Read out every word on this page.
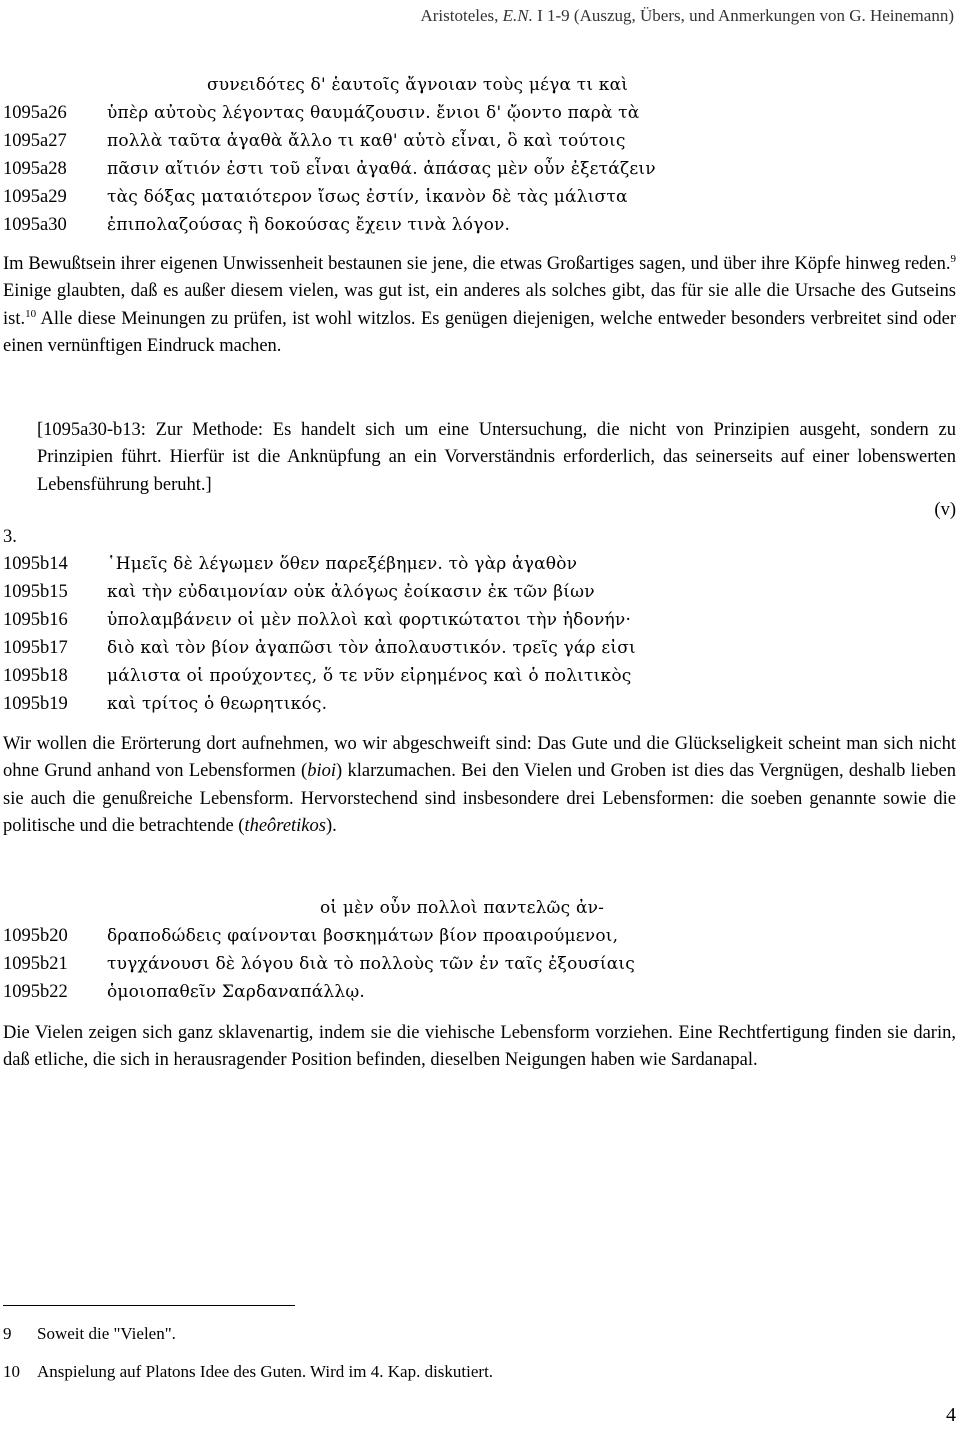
Aristoteles, E.N. I 1-9 (Auszug, Übers, und Anmerkungen von G. Heinemann)
συνειδότες δ' ἑαυτοῖς ἄγνοιαν τοὺς μέγα τι καὶ
1095a26	ὑπὲρ αὐτοὺς λέγοντας θαυμάζουσιν. ἔνιοι δ' ᾤοντο παρὰ τὰ
1095a27	πολλὰ ταῦτα ἀγαθὰ ἄλλο τι καθ' αὑτὸ εἶναι, ὃ καὶ τούτοις
1095a28	πᾶσιν αἴτιόν ἐστι τοῦ εἶναι ἀγαθά. ἁπάσας μὲν οὖν ἐξετάζειν
1095a29	τὰς δόξας ματαιότερον ἴσως ἐστίν, ἱκανὸν δὲ τὰς μάλιστα
1095a30	ἐπιπολαζούσας ἢ δοκούσας ἔχειν τινὰ λόγον.
Im Bewußtsein ihrer eigenen Unwissenheit bestaunen sie jene, die etwas Großartiges sagen, und über ihre Köpfe hinweg reden.$^9$ Einige glaubten, daß es außer diesem vielen, was gut ist, ein anderes als solches gibt, das für sie alle die Ursache des Gutseins ist.$^{10}$ Alle diese Meinungen zu prüfen, ist wohl witzlos. Es genügen diejenigen, welche entweder besonders verbreitet sind oder einen vernünftigen Eindruck machen.
[1095a30-b13: Zur Methode: Es handelt sich um eine Untersuchung, die nicht von Prinzipien ausgeht, sondern zu Prinzipien führt. Hierfür ist die Anknüpfung an ein Vorverständnis erforderlich, das seinerseits auf einer lobenswerten Lebensführung beruht.]
(v)
3.
1095b14	῾Ημεῖς δὲ λέγωμεν ὅθεν παρεξέβημεν. τὸ γὰρ ἀγαθὸν
1095b15	καὶ τὴν εὐδαιμονίαν οὐκ ἀλόγως ἐοίκασιν ἐκ τῶν βίων
1095b16	ὑπολαμβάνειν οἱ μὲν πολλοὶ καὶ φορτικώτατοι τὴν ἡδονήν·
1095b17	διὸ καὶ τὸν βίον ἀγαπῶσι τὸν ἀπολαυστικόν. τρεῖς γάρ εἰσι
1095b18	μάλιστα οἱ προύχοντες, ὅ τε νῦν εἰρημένος καὶ ὁ πολιτικὸς
1095b19	καὶ τρίτος ὁ θεωρητικός.
Wir wollen die Erörterung dort aufnehmen, wo wir abgeschweift sind: Das Gute und die Glückseligkeit scheint man sich nicht ohne Grund anhand von Lebensformen (bioi) klarzumachen. Bei den Vielen und Groben ist dies das Vergnügen, deshalb lieben sie auch die genußreiche Lebensform. Hervorstechend sind insbesondere drei Lebensformen: die soeben genannte sowie die politische und die betrachtende (theôretikos).
οἱ μὲν οὖν πολλοὶ παντελῶς ἀν-
1095b20	δραποδώδεις φαίνονται βοσκημάτων βίον προαιρούμενοι,
1095b21	τυγχάνουσι δὲ λόγου διὰ τὸ πολλοὺς τῶν ἐν ταῖς ἐξουσίαις
1095b22	ὁμοιοπαθεῖν Σαρδαναπάλλῳ.
Die Vielen zeigen sich ganz sklavenartig, indem sie die viehische Lebensform vorziehen. Eine Rechtfertigung finden sie darin, daß etliche, die sich in herausragender Position befinden, dieselben Neigungen haben wie Sardanapal.
9 Soweit die "Vielen".
10 Anspielung auf Platons Idee des Guten. Wird im 4. Kap. diskutiert.
4
